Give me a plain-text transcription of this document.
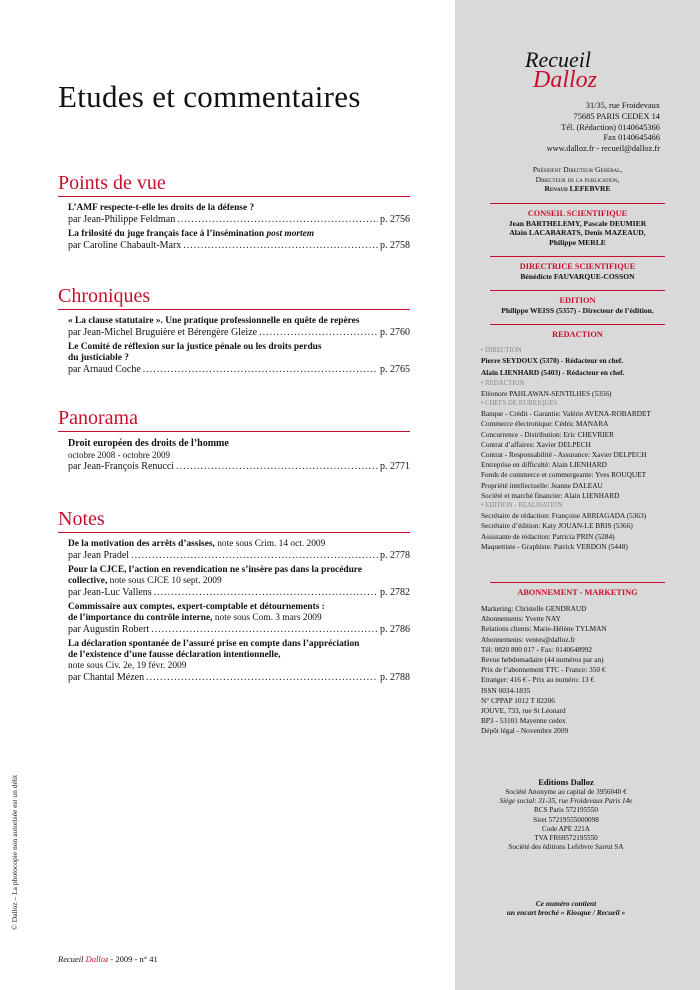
Etudes et commentaires
Points de vue
L’AMF respecte-t-elle les droits de la défense ?
par Jean-Philippe Feldman .....	p. 2756
La frilosité du juge français face à l’insémination post mortem
par Caroline Chabault-Marx .....	p. 2758
Chroniques
« La clause statutaire ». Une pratique professionnelle en quête de repères
par Jean-Michel Bruguière et Bérengère Gleize .....	p. 2760
Le Comité de réflexion sur la justice pénale ou les droits perdus
du justiciable ?
par Arnaud Coche .....	p. 2765
Panorama
Droit européen des droits de l’homme
octobre 2008 - octobre 2009
par Jean-François Renucci .....	p. 2771
Notes
De la motivation des arrêts d’assises, note sous Crim. 14 oct. 2009
par Jean Pradel .....	p. 2778
Pour la CJCE, l’action en revendication ne s’insère pas dans la procédure
collective, note sous CJCE 10 sept. 2009
par Jean-Luc Vallens .....	p. 2782
Commissaire aux comptes, expert-comptable et détournements :
de l’importance du contrôle interne, note sous Com. 3 mars 2009
par Augustin Robert .....	p. 2786
La déclaration spontanée de l’assuré prise en compte dans l’appréciation
de l’existence d’une fausse déclaration intentionnelle,
note sous Civ. 2e, 19 févr. 2009
par Chantal Mézen .....	p. 2788
© Dalloz – La photocopie non autorisée est un délit
Recueil Dalloz - 2009 - n° 41
Recueil
Dalloz
31/35, rue Froidevaux
75685 PARIS CEDEX 14
Tél. (Rédaction) 0140645366
Fax 0140645466
www.dalloz.fr - recueil@dalloz.fr
Président Directeur Général,
Directeur de la publication,
Renaud LEFEBVRE
CONSEIL SCIENTIFIQUE
Jean BARTHELEMY, Pascale DEUMIER
Alain LACABARATS, Denis MAZEAUD,
Philippe MERLE
DIRECTRICE SCIENTIFIQUE
Bénédicte FAUVARQUE-COSSON
EDITION
Philippe WEISS (5357) - Directeur de l’édition.
REDACTION
• DIRECTION
Pierre SEYDOUX (5370) - Rédacteur en chef.
Alain LIENHARD (5403) - Rédacteur en chef.
• REDACTION
Eléonore PAHLAWAN-SENTILHES (5356)
• CHEFS DE RUBRIQUES
Banque - Crédit - Garantie: Valérie AVENA-ROBARDET
Commerce électronique: Cédric MANARA
Concurrence - Distribution: Eric CHEVRIER
Contrat d’affaires: Xavier DELPECH
Contrat - Responsabilité - Assurance: Xavier DELPECH
Entreprise en difficulté: Alain LIENHARD
Fonds de commerce et commergeante: Yves ROUQUET
Propriété intellectuelle: Jeanne DALEAU
Société et marché financier: Alain LIENHARD
• EDITION - REALISATION
Secrétaire de rédaction: Françoise ARRIAGADA (5363)
Secrétaire d’édition: Katy JOUAN-LE BRIS (5366)
Assistante de rédaction: Patricia PRIN (5284)
Maquettiste - Graphiste: Patrick VERDON (5448)
ABONNEMENT - MARKETING
Marketing: Christelle GENDRAUD
Abonnements: Yvette NAY
Relations clients: Marie-Hélène TYLMAN
Abonnements: ventes@dalloz.fr
Tél: 0820 800 017 - Fax: 0140648992
Revue hebdomadaire (44 numéros par an)
Prix de l’abonnement TTC - France: 350 €
Etranger: 416 € - Prix au numéro: 13 €
ISSN 0034-1835
N° CPPAP 1012 T 82206
JOUVE, 733, rue St Léonard
BP3 - 53101 Mayenne cedex
Dépôt légal - Novembre 2009
Editions Dalloz
Société Anonyme au capital de 3956040 €
Siège social: 31-35, rue Froidevaux Paris 14e
RCS Paris 572195550
Siret 57219555000098
Code APE 221A
TVA FR69572195550
Société des éditions Lefebvre Sarrut SA
Ce numéro contient
un encart broché « Kiosque / Recueil »
